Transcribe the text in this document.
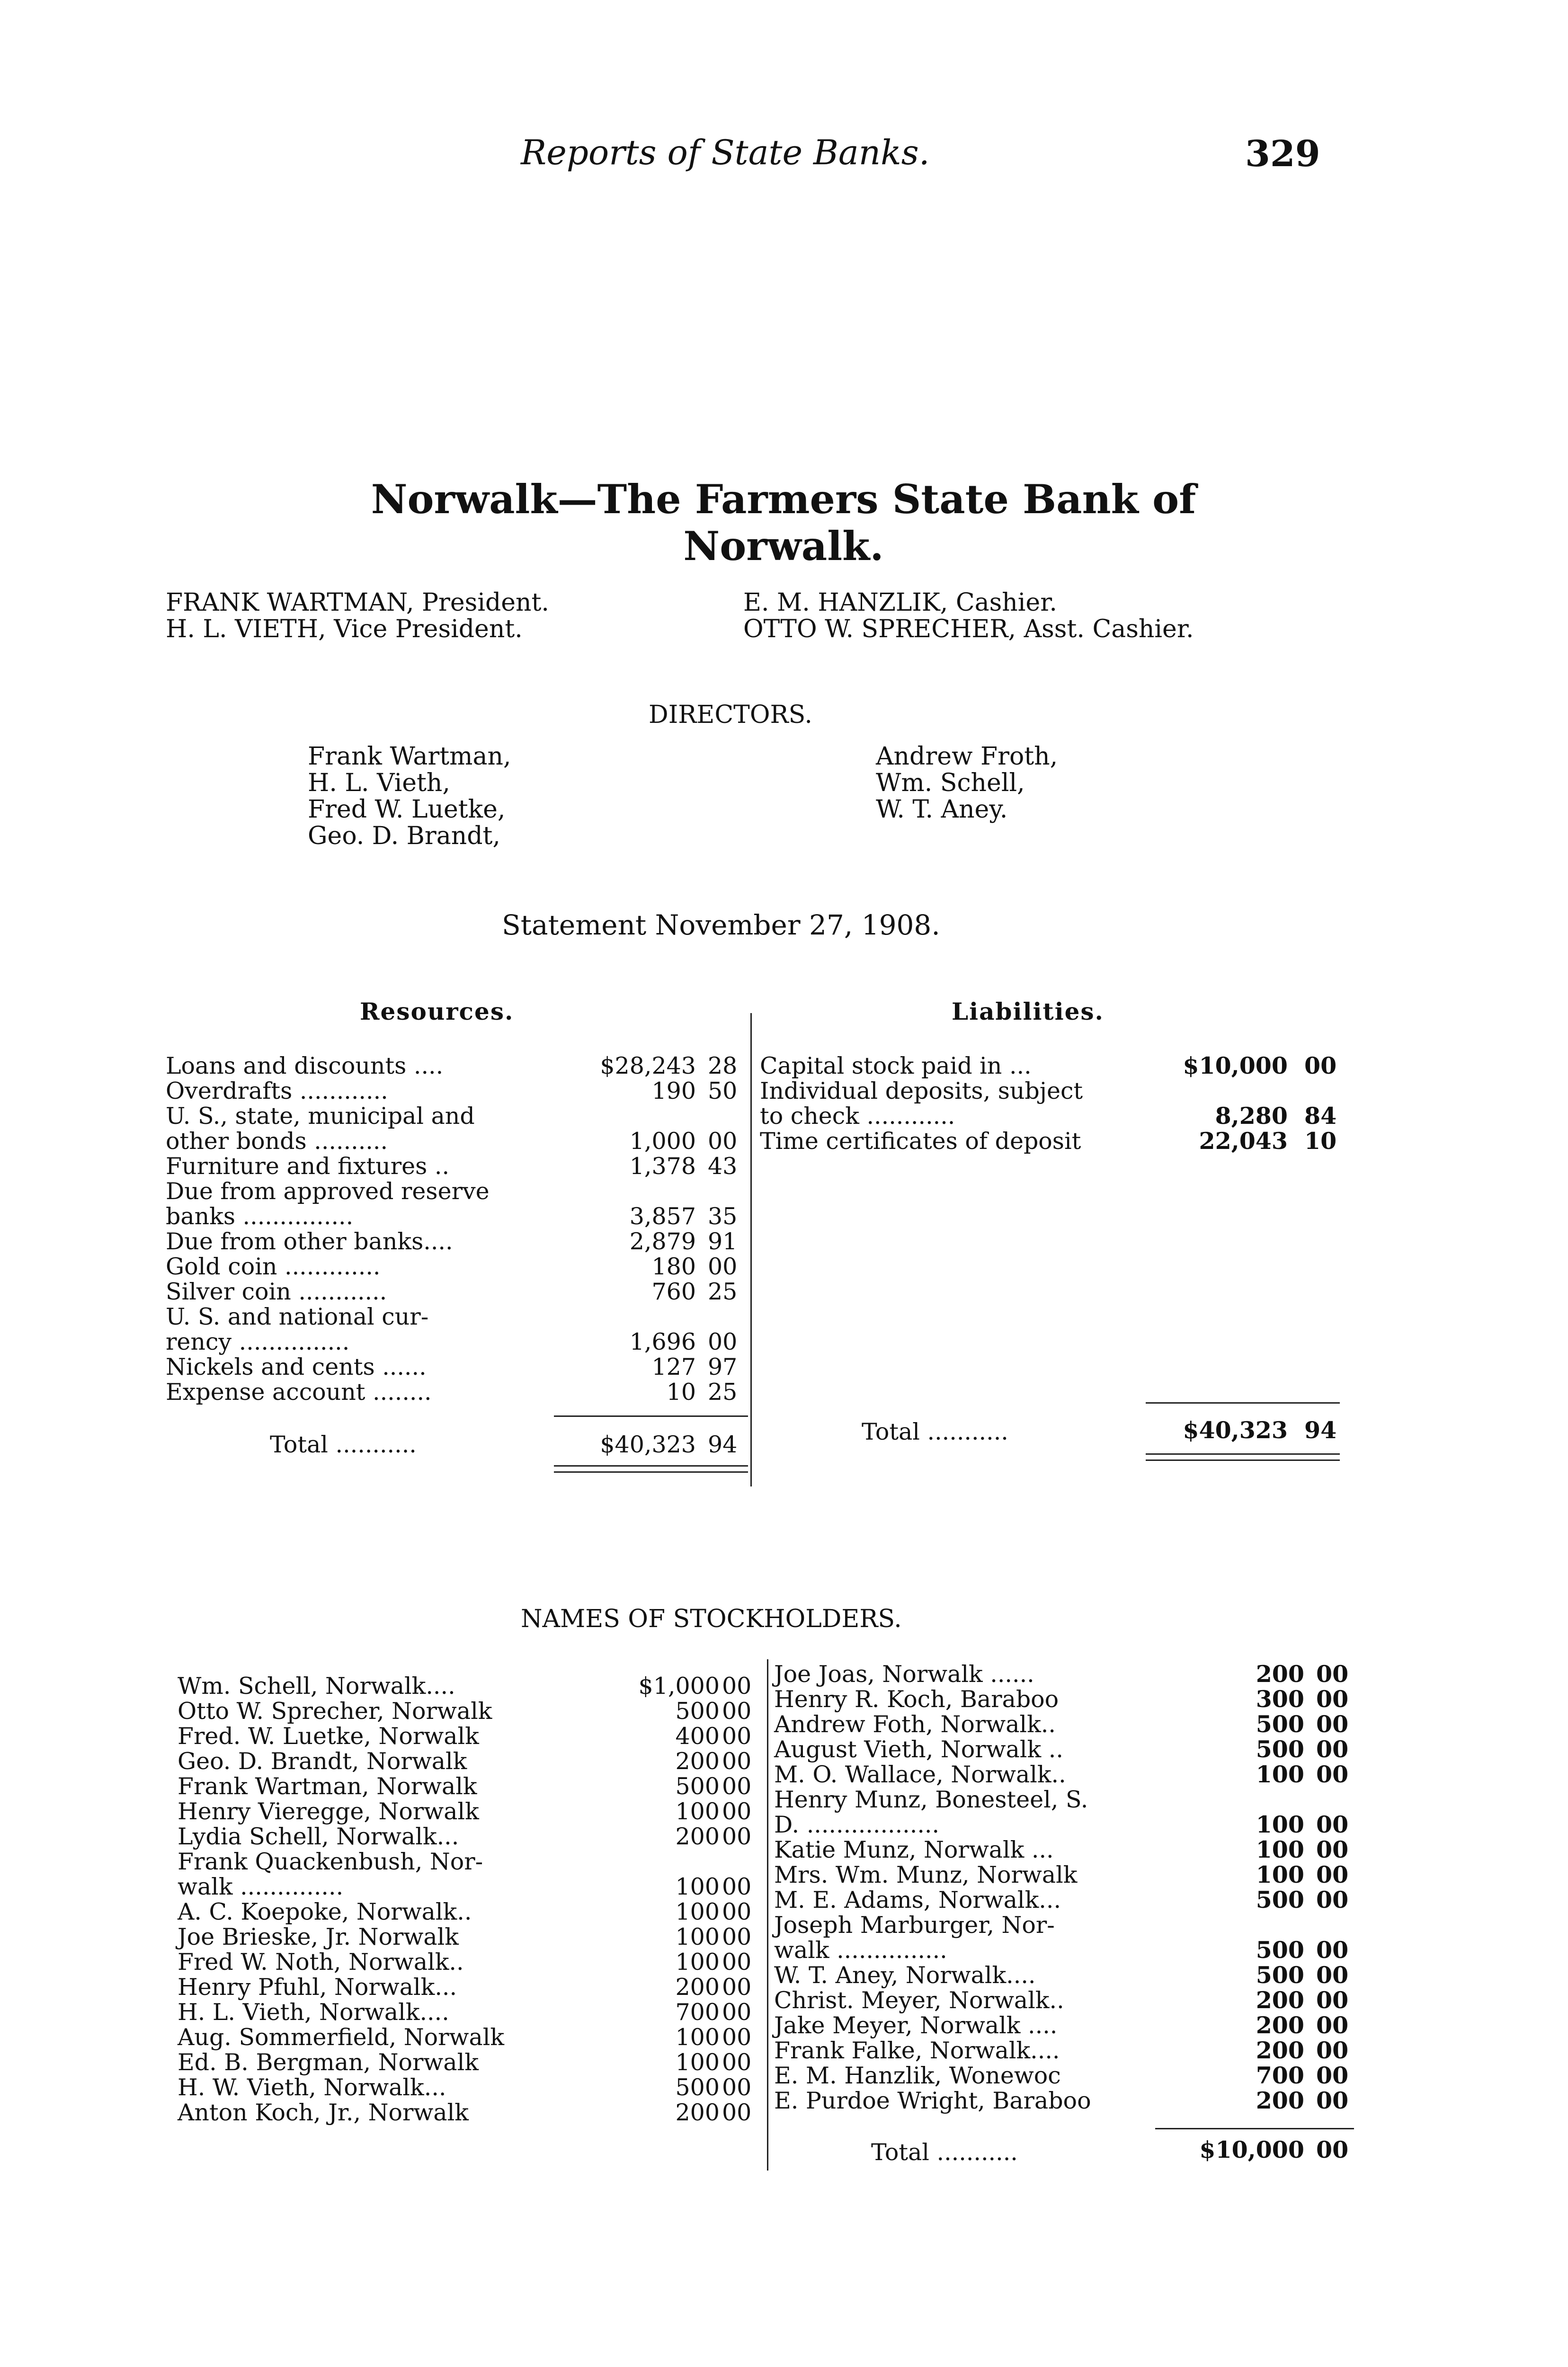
Reports of State Banks.	329
Norwalk—The Farmers State Bank of Norwalk.
FRANK WARTMAN, President.
H. L. VIETH, Vice President.
E. M. HANZLIK, Cashier.
OTTO W. SPRECHER, Asst. Cashier.
DIRECTORS.
Frank Wartman,
H. L. Vieth,
Fred W. Luetke,
Geo. D. Brandt,
Andrew Froth,
Wm. Schell,
W. T. Aney.
Statement November 27, 1908.
Resources.	Liabilities.
Loans and discounts ....	$28,243 28
Overdrafts ............	190 50
U. S., state, municipal and
other bonds ..........	1,000 00
Furniture and fixtures ..	1,378 43
Due from approved reserve
banks ...............	3,857 35
Due from other banks....	2,879 91
Gold coin .............	180 00
Silver coin ............	760 25
U. S. and national cur-
rency ...............	1,696 00
Nickels and cents ......	127 97
Expense account ........	10 25
Capital stock paid in ...	$10,000 00
Individual deposits, subject
to check ............	8,280 84
Time certificates of deposit	22,043 10
Total ...........	$40,323 94	Total ...........	$40,323 94
NAMES OF STOCKHOLDERS.
Wm. Schell, Norwalk....	$1,000 00
Otto W. Sprecher, Norwalk	500 00
Fred. W. Luetke, Norwalk	400 00
Geo. D. Brandt, Norwalk	200 00
Frank Wartman, Norwalk	500 00
Henry Vieregge, Norwalk	100 00
Lydia Schell, Norwalk...	200 00
Frank Quackenbush, Nor-
walk ..............	100 00
A. C. Koepoke, Norwalk..	100 00
Joe Brieske, Jr. Norwalk	100 00
Fred W. Noth, Norwalk..	100 00
Henry Pfuhl, Norwalk...	200 00
H. L. Vieth, Norwalk....	700 00
Aug. Sommerfield, Norwalk	100 00
Ed. B. Bergman, Norwalk	100 00
H. W. Vieth, Norwalk...	500 00
Anton Koch, Jr., Norwalk	200 00
Joe Joas, Norwalk ......	200 00
Henry R. Koch, Baraboo	300 00
Andrew Foth, Norwalk..	500 00
August Vieth, Norwalk ..	500 00
M. O. Wallace, Norwalk..	100 00
Henry Munz, Bonesteel, S.
D. ..................	100 00
Katie Munz, Norwalk ...	100 00
Mrs. Wm. Munz, Norwalk	100 00
M. E. Adams, Norwalk...	500 00
Joseph Marburger, Nor-
walk ...............	500 00
W. T. Aney, Norwalk....	500 00
Christ. Meyer, Norwalk..	200 00
Jake Meyer, Norwalk ....	200 00
Frank Falke, Norwalk....	200 00
E. M. Hanzlik, Wonewoc	700 00
E. Purdoe Wright, Baraboo	200 00
Total ...........	$10,000 00
